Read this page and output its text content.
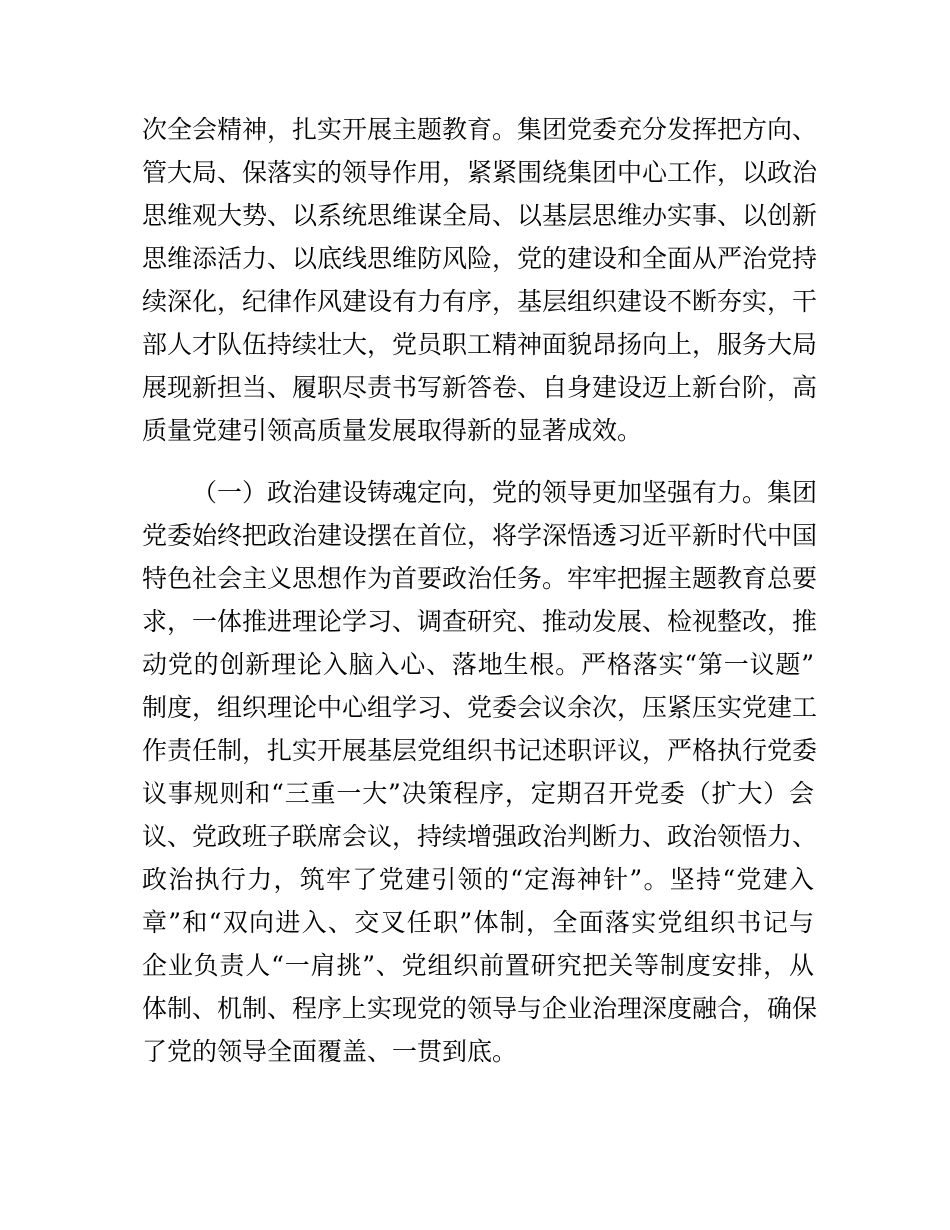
次全会精神，扎实开展主题教育。集团党委充分发挥把方向、
管大局、保落实的领导作用，紧紧围绕集团中心工作，以政治
思维观大势、以系统思维谋全局、以基层思维办实事、以创新
思维添活力、以底线思维防风险，党的建设和全面从严治党持
续深化，纪律作风建设有力有序，基层组织建设不断夯实，干
部人才队伍持续壮大，党员职工精神面貌昂扬向上，服务大局
展现新担当、履职尽责书写新答卷、自身建设迈上新台阶，高
质量党建引领高质量发展取得新的显著成效。
（一）政治建设铸魂定向，党的领导更加坚强有力。集团
党委始终把政治建设摆在首位，将学深悟透习近平新时代中国
特色社会主义思想作为首要政治任务。牢牢把握主题教育总要
求，一体推进理论学习、调查研究、推动发展、检视整改，推
动党的创新理论入脑入心、落地生根。严格落实“第一议题”
制度，组织理论中心组学习、党委会议余次，压紧压实党建工
作责任制，扎实开展基层党组织书记述职评议，严格执行党委
议事规则和“三重一大”决策程序，定期召开党委（扩大）会
议、党政班子联席会议，持续增强政治判断力、政治领悟力、
政治执行力，筑牢了党建引领的“定海神针”。坚持“党建入
章”和“双向进入、交叉任职”体制，全面落实党组织书记与
企业负责人“一肩挑”、党组织前置研究把关等制度安排，从
体制、机制、程序上实现党的领导与企业治理深度融合，确保
了党的领导全面覆盖、一贯到底。
